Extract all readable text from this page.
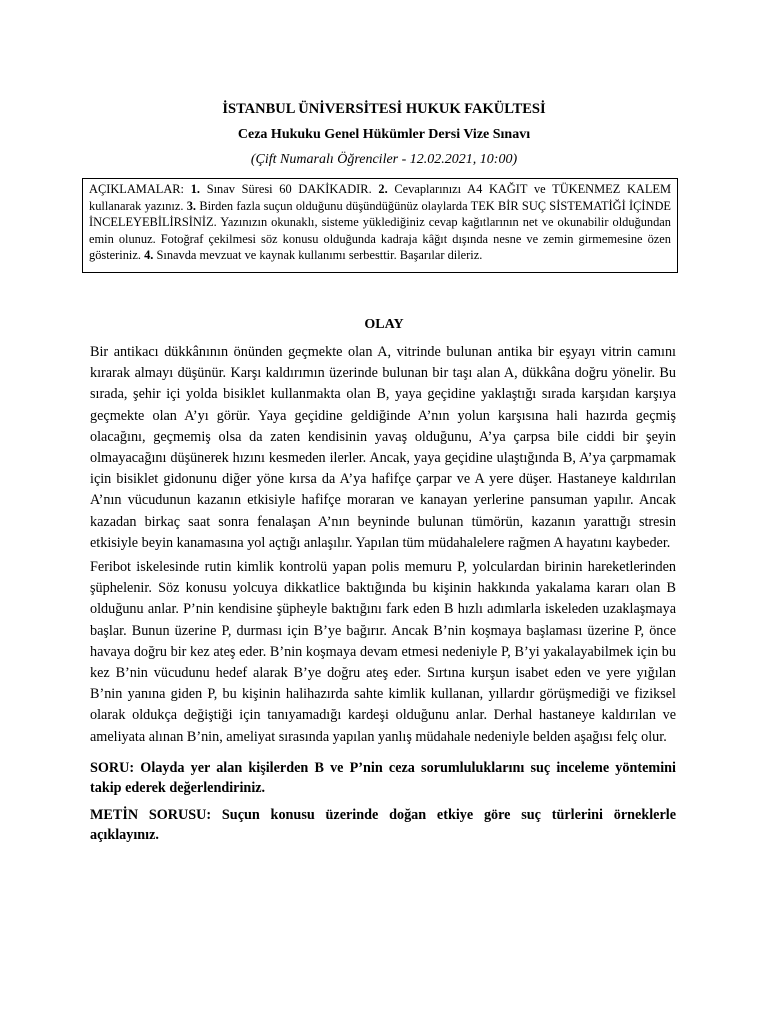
İSTANBUL ÜNİVERSİTESİ HUKUK FAKÜLTESİ

Ceza Hukuku Genel Hükümler Dersi Vize Sınavı

(Çift Numaralı Öğrenciler - 12.02.2021, 10:00)

AÇIKLAMALAR: 1. Sınav Süresi 60 DAKİKADIR. 2. Cevaplarınızı A4 KAĞIT ve TÜKENMEZ KALEM kullanarak yazınız. 3. Birden fazla suçun olduğunu düşündüğünüz olaylarda TEK BİR SUÇ SİSTEMATİĞİ İÇİNDE İNCELEYEBİLİRSİNİZ. Yazınızın okunaklı, sisteme yüklediğiniz cevap kağıtlarının net ve okunabilir olduğundan emin olunuz. Fotoğraf çekilmesi söz konusu olduğunda kadraja kâğıt dışında nesne ve zemin girmemesine özen gösteriniz. 4. Sınavda mevzuat ve kaynak kullanımı serbesttir. Başarılar dileriz.

OLAY

Bir antikacı dükkânının önünden geçmekte olan A, vitrinde bulunan antika bir eşyayı vitrin camını kırarak almayı düşünür. Karşı kaldırımın üzerinde bulunan bir taşı alan A, dükkâna doğru yönelir. Bu sırada, şehir içi yolda bisiklet kullanmakta olan B, yaya geçidine yaklaştığı sırada karşıdan karşıya geçmekte olan A’yı görür. Yaya geçidine geldiğinde A’nın yolun karşısına hali hazırda geçmiş olacağını, geçmemiş olsa da zaten kendisinin yavaş olduğunu, A’ya çarpsa bile ciddi bir şeyin olmayacağını düşünerek hızını kesmeden ilerler. Ancak, yaya geçidine ulaştığında B, A’ya çarpmamak için bisiklet gidonunu diğer yöne kırsa da A’ya hafifçe çarpar ve A yere düşer. Hastaneye kaldırılan A’nın vücudunun kazanın etkisiyle hafifçe moraran ve kanayan yerlerine pansuman yapılır. Ancak kazadan birkaç saat sonra fenalaşan A’nın beyninde bulunan tümörün, kazanın yarattığı stresin etkisiyle beyin kanamasına yol açtığı anlaşılır. Yapılan tüm müdahalelere rağmen A hayatını kaybeder.

Feribot iskelesinde rutin kimlik kontrolü yapan polis memuru P, yolculardan birinin hareketlerinden şüphelenir. Söz konusu yolcuya dikkatlice baktığında bu kişinin hakkında yakalama kararı olan B olduğunu anlar. P’nin kendisine şüpheyle baktığını fark eden B hızlı adımlarla iskeleden uzaklaşmaya başlar. Bunun üzerine P, durması için B’ye bağırır. Ancak B’nin koşmaya başlaması üzerine P, önce havaya doğru bir kez ateş eder. B’nin koşmaya devam etmesi nedeniyle P, B’yi yakalayabilmek için bu kez B’nin vücudunu hedef alarak B’ye doğru ateş eder. Sırtına kurşun isabet eden ve yere yığılan B’nin yanına giden P, bu kişinin halihazırda sahte kimlik kullanan, yıllardır görüşmediği ve fiziksel olarak oldukça değiştiği için tanıyamadığı kardeşi olduğunu anlar. Derhal hastaneye kaldırılan ve ameliyata alınan B’nin, ameliyat sırasında yapılan yanlış müdahale nedeniyle belden aşağısı felç olur.

SORU: Olayda yer alan kişilerden B ve P’nin ceza sorumluluklarını suç inceleme yöntemini takip ederek değerlendiriniz.

METİN SORUSU: Suçun konusu üzerinde doğan etkiye göre suç türlerini örneklerle açıklayınız.
